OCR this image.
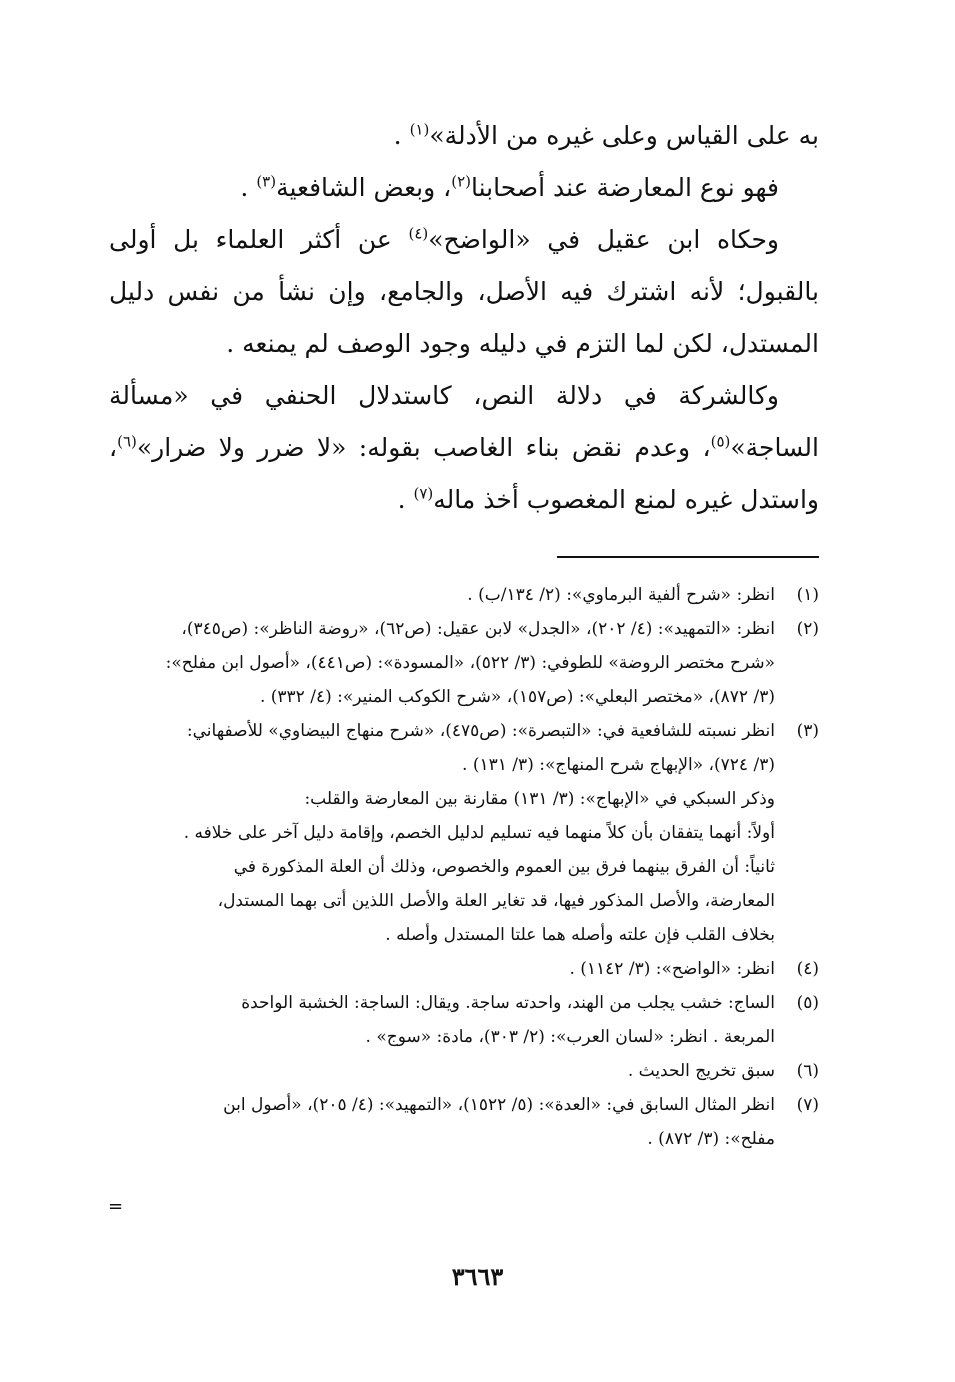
به على القياس وعلى غيره من الأدلة»$^{(١)}$ .

فهو نوع المعارضة عند أصحابنا$^{(٢)}$، وبعض الشافعية$^{(٣)}$ .

وحكاه ابن عقيل في «الواضح»$^{(٤)}$ عن أكثر العلماء بل أولى بالقبول؛ لأنه اشترك فيه الأصل، والجامع، وإن نشأ من نفس دليل المستدل، لكن لما التزم في دليله وجود الوصف لم يمنعه .

وكالشركة في دلالة النص، كاستدلال الحنفي في «مسألة الساجة»$^{(٥)}$، وعدم نقض بناء الغاصب بقوله: «لا ضرر ولا ضرار»$^{(٦)}$، واستدل غيره لمنع المغصوب أخذ ماله$^{(٧)}$ .

(١)
انظر: «شرح ألفية البرماوي»: (٢/ ١٣٤/ب) .
(٢)
انظر: «التمهيد»: (٤/ ٢٠٢)، «الجدل» لابن عقيل: (ص٦٢)، «روضة الناظر»: (ص٣٤٥)،
«شرح مختصر الروضة» للطوفي: (٣/ ٥٢٢)، «المسودة»: (ص٤٤١)، «أصول ابن مفلح»:
(٣/ ٨٧٢)، «مختصر البعلي»: (ص١٥٧)، «شرح الكوكب المنير»: (٤/ ٣٣٢) .
(٣)
انظر نسبته للشافعية في: «التبصرة»: (ص٤٧٥)، «شرح منهاج البيضاوي» للأصفهاني:
(٣/ ٧٢٤)، «الإبهاج شرح المنهاج»: (٣/ ١٣١) .
وذكر السبكي في «الإبهاج»: (٣/ ١٣١) مقارنة بين المعارضة والقلب:
أولاً: أنهما يتفقان بأن كلاً منهما فيه تسليم لدليل الخصم، وإقامة دليل آخر على خلافه .
ثانياً: أن الفرق بينهما فرق بين العموم والخصوص، وذلك أن العلة المذكورة في
المعارضة، والأصل المذكور فيها، قد تغاير العلة والأصل اللذين أتى بهما المستدل،
بخلاف القلب فإن علته وأصله هما علتا المستدل وأصله .
(٤)
انظر: «الواضح»: (٣/ ١١٤٢) .
(٥)
الساج: خشب يجلب من الهند، واحدته ساجة. ويقال: الساجة: الخشبة الواحدة
المربعة . انظر: «لسان العرب»: (٢/ ٣٠٣)، مادة: «سوج» .
(٦)
سبق تخريج الحديث .
(٧)
انظر المثال السابق في: «العدة»: (٥/ ١٥٢٢)، «التمهيد»: (٤/ ٢٠٥)، «أصول ابن
مفلح»: (٣/ ٨٧٢) .
=
٣٦٦٣
